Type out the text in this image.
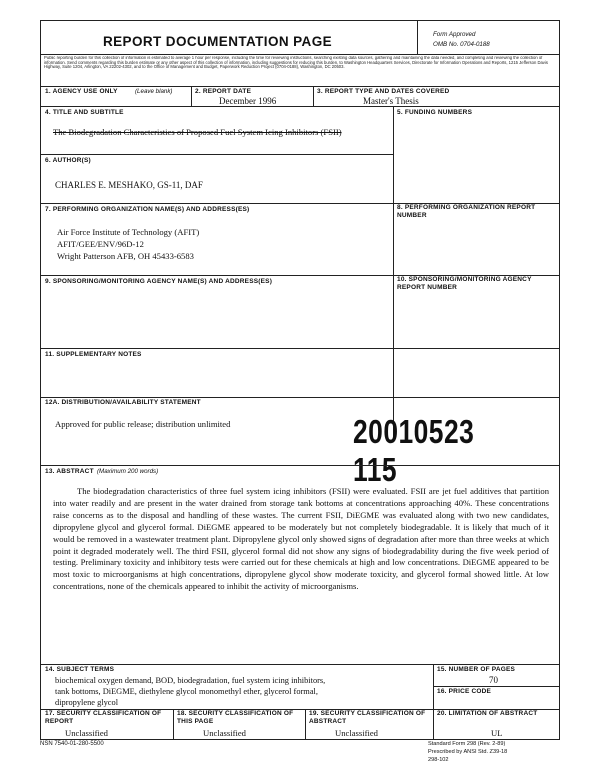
REPORT DOCUMENTATION PAGE	Form Approved
OMB No. 0704-0188
Public reporting burden for this collection of information is estimated to average 1 hour per response, including the time for reviewing instructions, searching existing data sources, gathering and maintaining the data needed, and completing and reviewing the collection of information. Send comments regarding this burden estimate or any other aspect of this collection of information, including suggestions for reducing this burden, to Washington Headquarters Services, Directorate for Information Operations and Reports, 1215 Jefferson Davis Highway, Suite 1204, Arlington, VA 22202-4302, and to the Office of Management and Budget, Paperwork Reduction Project (0704-0188), Washington, DC 20503.
1. AGENCY USE ONLY	(Leave blank)	2. REPORT DATE
December 1996
3. REPORT TYPE AND DATES COVERED
Master's Thesis
4. TITLE AND SUBTITLE
The Biodegradation Characteristics of Proposed Fuel System Icing Inhibitors (FSII)
5. FUNDING NUMBERS
6. AUTHOR(S)
CHARLES E. MESHAKO, GS-11, DAF
7. PERFORMING ORGANIZATION NAME(S) AND ADDRESS(ES)
Air Force Institute of Technology (AFIT)
AFIT/GEE/ENV/96D-12
Wright Patterson AFB, OH 45433-6583
8. PERFORMING ORGANIZATION REPORT NUMBER
9. SPONSORING/MONITORING AGENCY NAME(S) AND ADDRESS(ES)	10. SPONSORING/MONITORING AGENCY REPORT NUMBER
11. SUPPLEMENTARY NOTES
12A. DISTRIBUTION/AVAILABILITY STATEMENT
Approved for public release; distribution unlimited	20010523 115
13. ABSTRACT (Maximum 200 words)
The biodegradation characteristics of three fuel system icing inhibitors (FSII) were evaluated. FSII are jet fuel additives that partition into water readily and are present in the water drained from storage tank bottoms at concentrations approaching 40%. These concentrations raise concerns as to the disposal and handling of these wastes. The current FSII, DiEGME was evaluated along with two new candidates, dipropylene glycol and glycerol formal. DiEGME appeared to be moderately but not completely biodegradable. It is likely that much of it would be removed in a wastewater treatment plant. Dipropylene glycol only showed signs of degradation after more than three weeks at which point it degraded moderately well. The third FSII, glycerol formal did not show any signs of biodegradability during the five week period of testing. Preliminary toxicity and inhibitory tests were carried out for these chemicals at high and low concentrations. DiEGME appeared to be most toxic to microorganisms at high concentrations, dipropylene glycol show moderate toxicity, and glycerol formal showed little. At low concentrations, none of the chemicals appeared to inhibit the activity of microorganisms.
14. SUBJECT TERMS
biochemical oxygen demand, BOD, biodegradation, fuel system icing inhibitors,
tank bottoms, DiEGME, diethylene glycol monomethyl ether, glycerol formal,
dipropylene glycol
15. NUMBER OF PAGES
70
16. PRICE CODE
17. SECURITY CLASSIFICATION OF REPORT
Unclassified
18. SECURITY CLASSIFICATION OF THIS PAGE
Unclassified
19. SECURITY CLASSIFICATION OF ABSTRACT
Unclassified
20. LIMITATION OF ABSTRACT
UL
NSN 7540-01-280-5500	Standard Form 298 (Rev. 2-89)
Prescribed by ANSI Std. Z39-18
298-102
